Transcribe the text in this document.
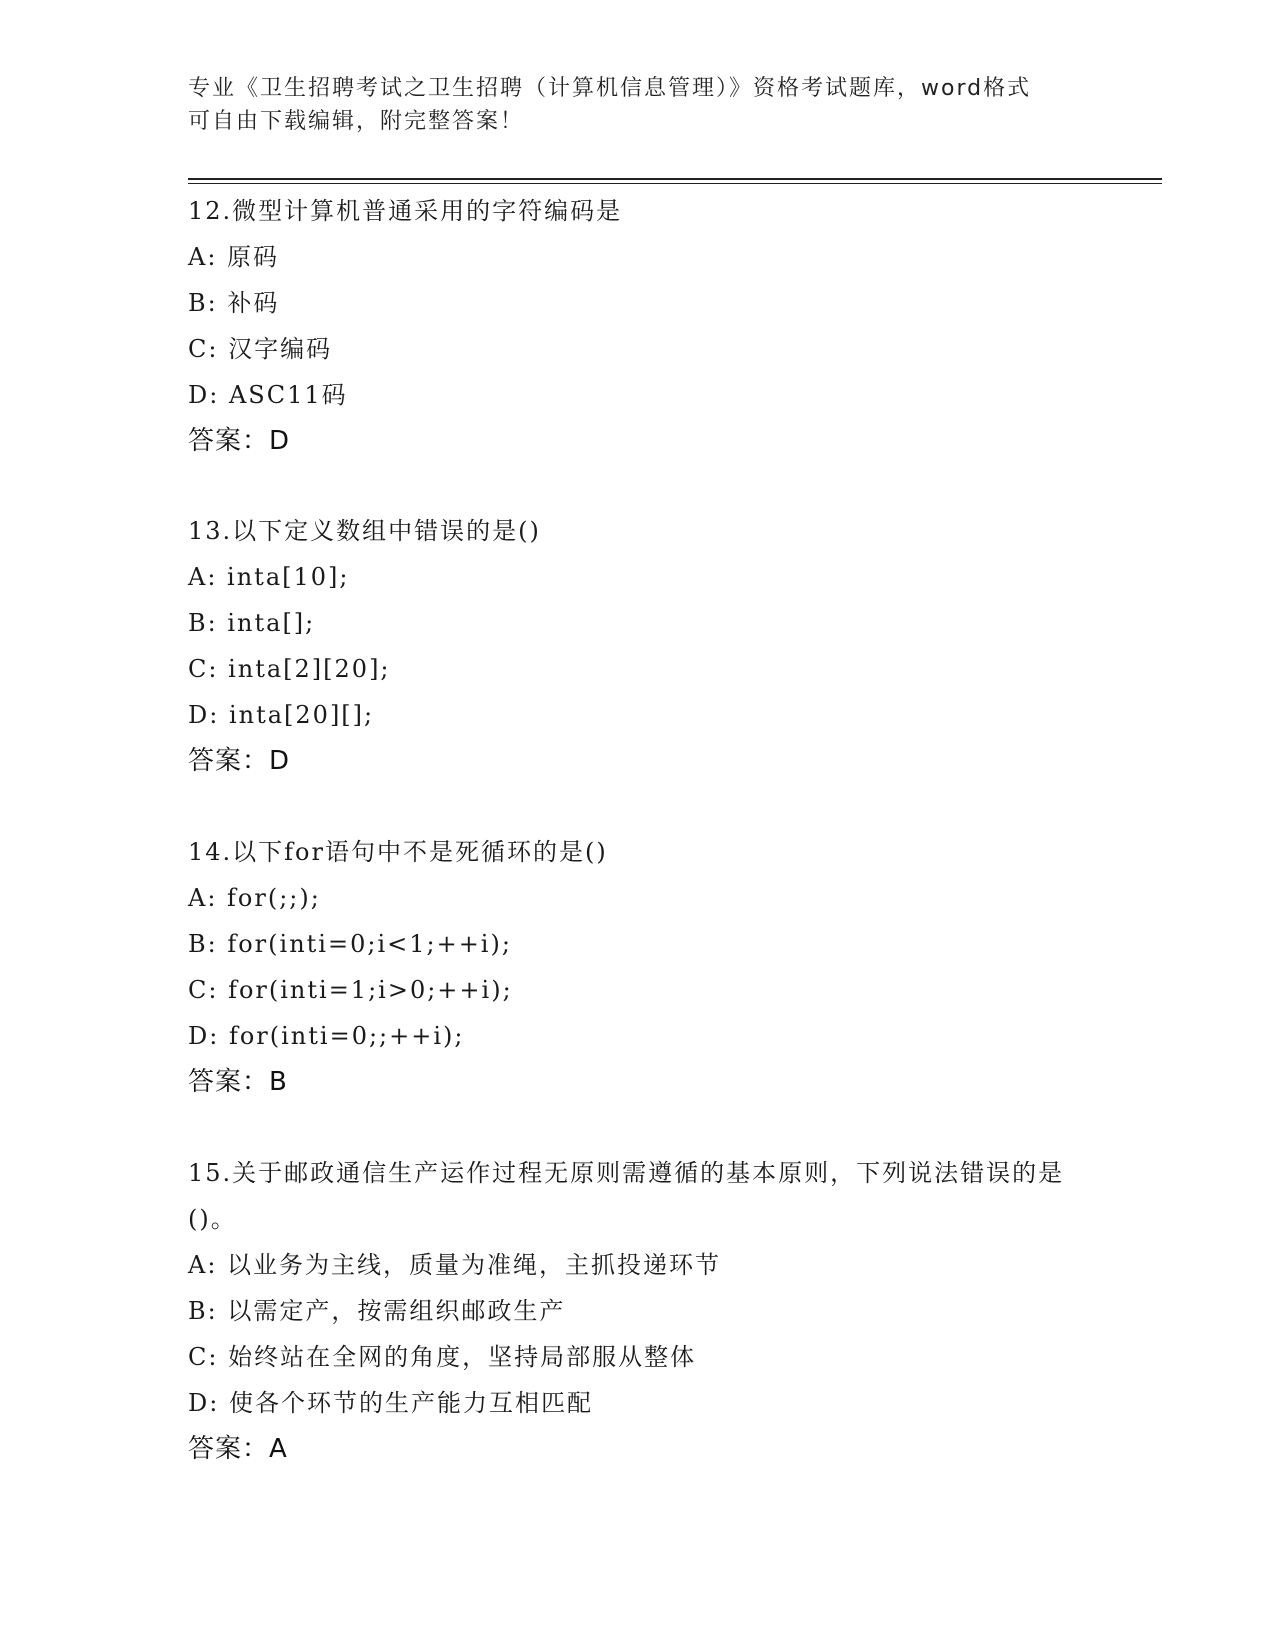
专业《卫生招聘考试之卫生招聘（计算机信息管理）》资格考试题库，word格式
可自由下载编辑，附完整答案！
12.微型计算机普通采用的字符编码是
A: 原码
B: 补码
C: 汉字编码
D: ASC11码
答案：D
13.以下定义数组中错误的是()
A: inta[10];
B: inta[];
C: inta[2][20];
D: inta[20][];
答案：D
14.以下for语句中不是死循环的是()
A: for(;;);
B: for(inti=0;i<1;++i);
C: for(inti=1;i>0;++i);
D: for(inti=0;;++i);
答案：B
15.关于邮政通信生产运作过程无原则需遵循的基本原则，下列说法错误的是()。
A: 以业务为主线，质量为准绳，主抓投递环节
B: 以需定产，按需组织邮政生产
C: 始终站在全网的角度，坚持局部服从整体
D: 使各个环节的生产能力互相匹配
答案：A
